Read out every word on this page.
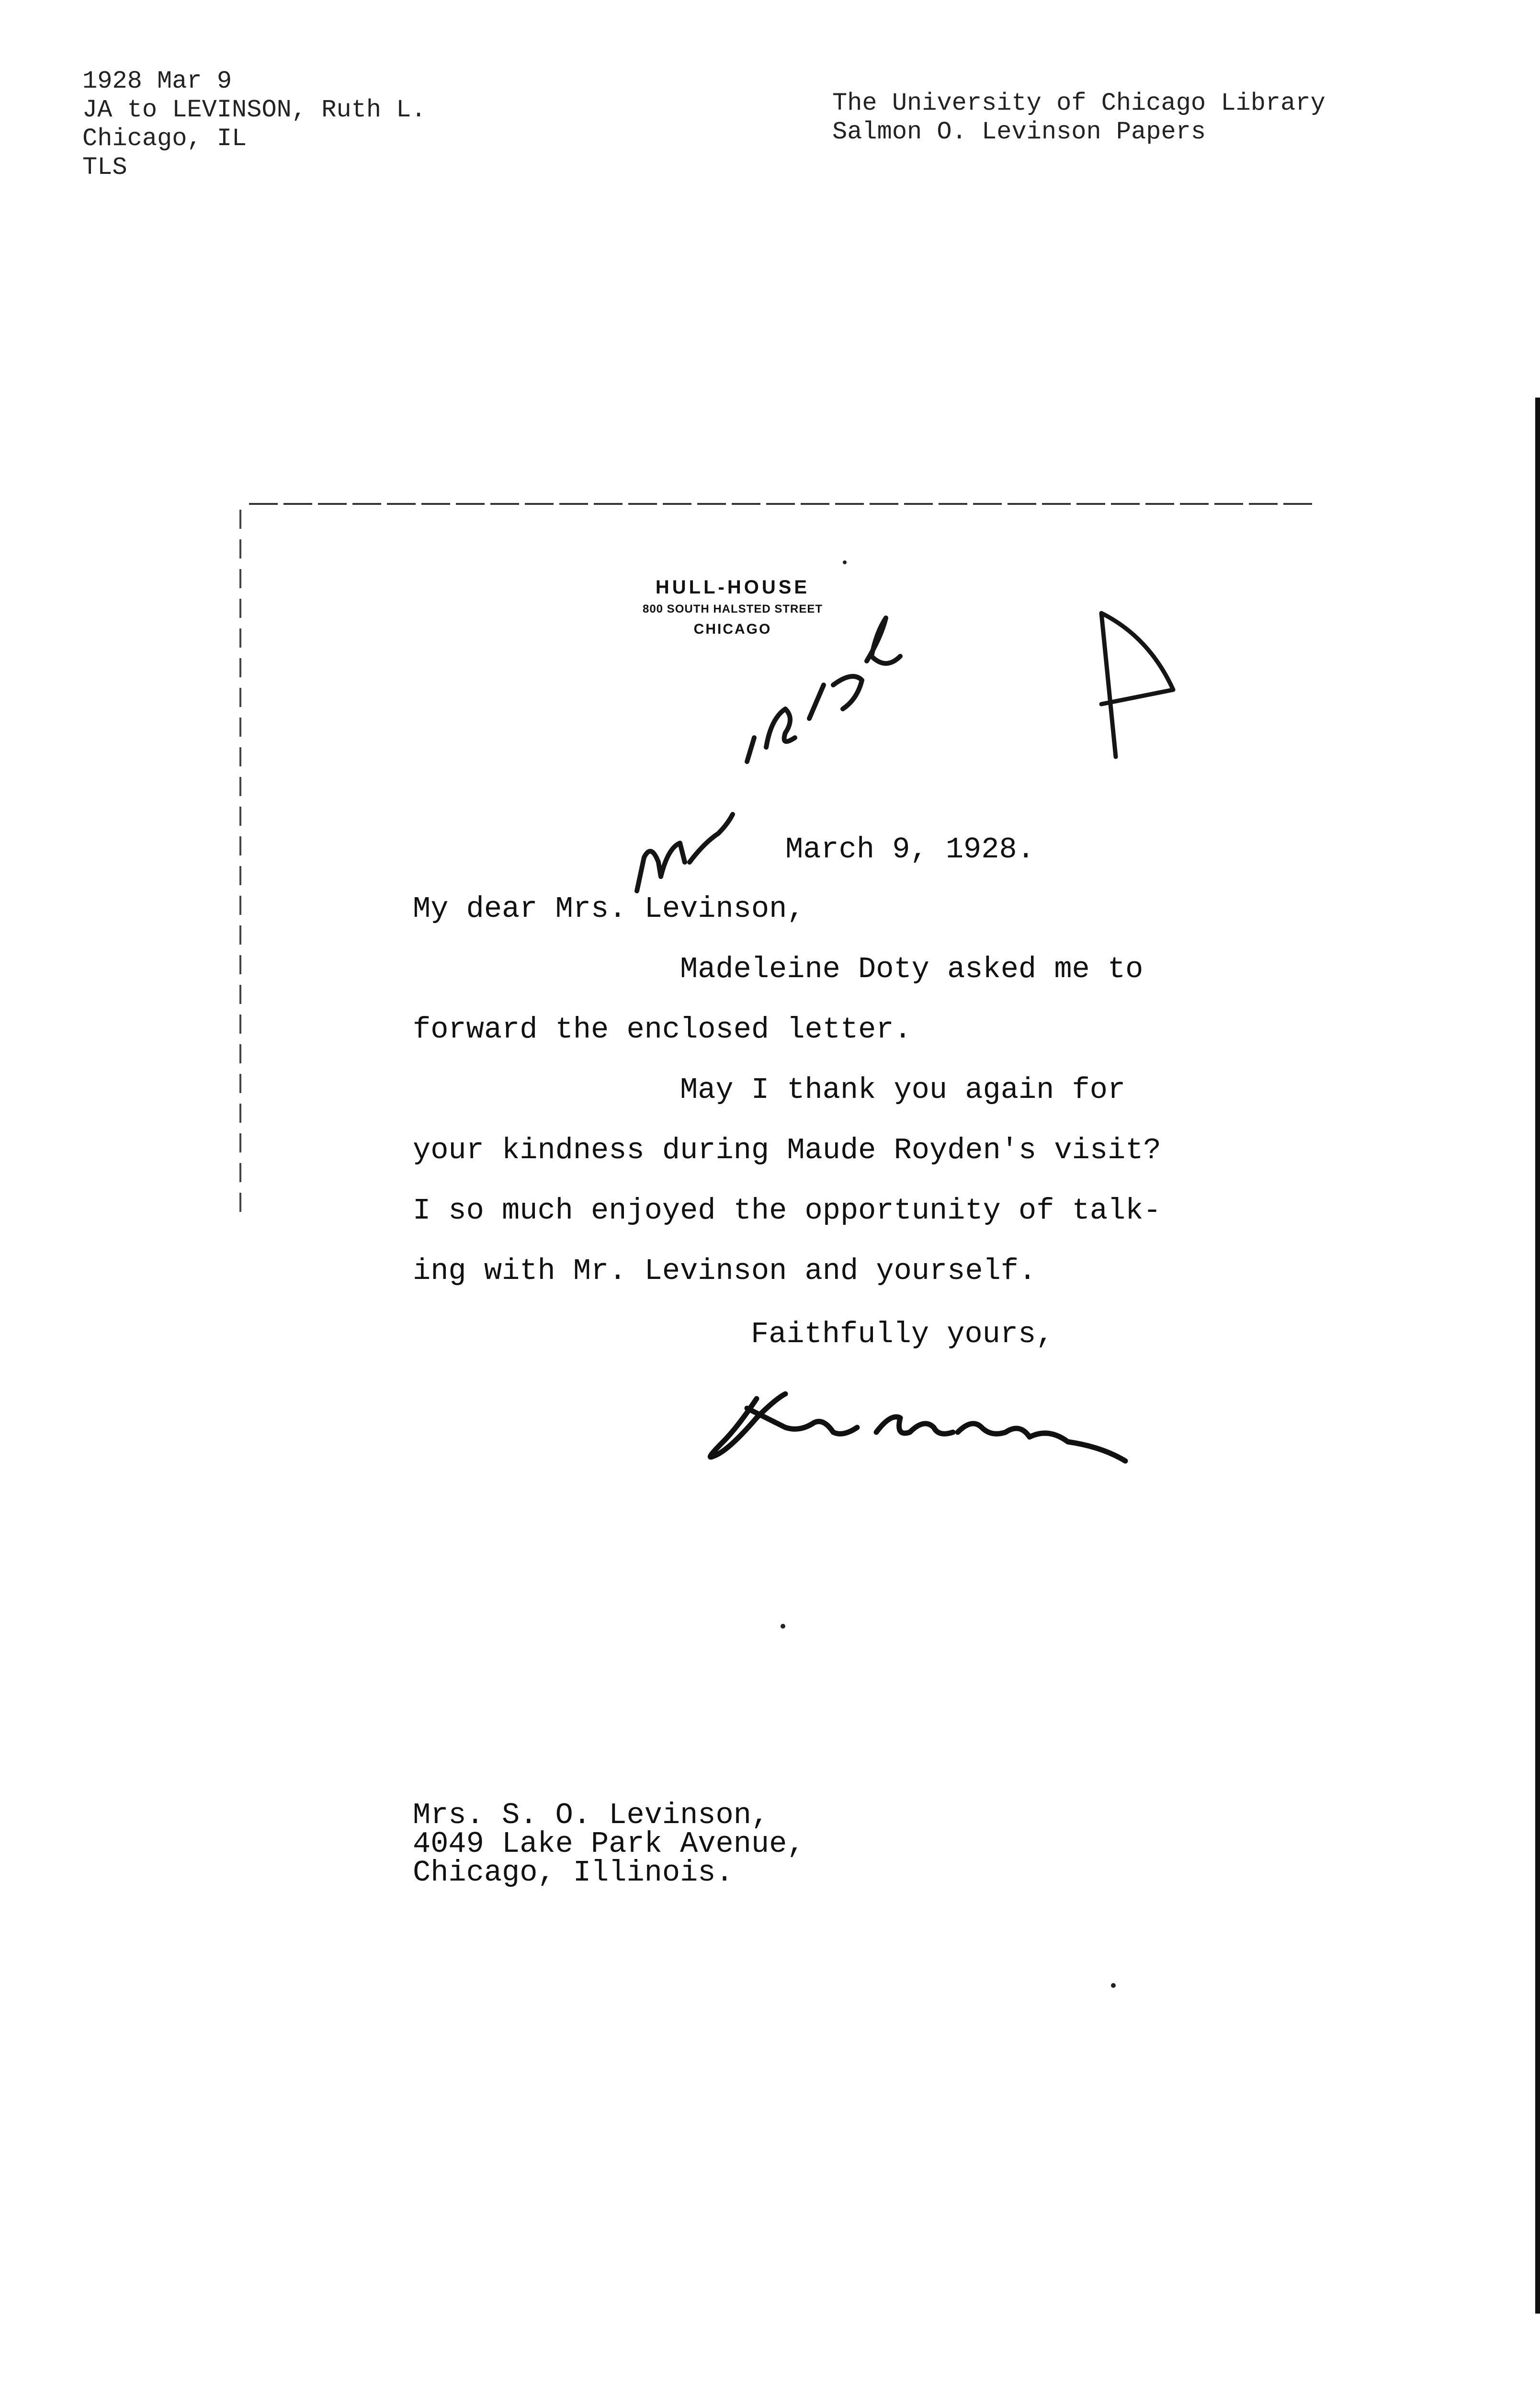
1928 Mar 9
JA to LEVINSON, Ruth L.
Chicago, IL
TLS
The University of Chicago Library
Salmon O. Levinson Papers
HULL-HOUSE
800 SOUTH HALSTED STREET
CHICAGO
March 9, 1928.
My dear Mrs. Levinson,
Madeleine Doty asked me to
forward the enclosed letter.
May I thank you again for
your kindness during Maude Royden's visit?
I so much enjoyed the opportunity of talk-
ing with Mr. Levinson and yourself.
Faithfully yours,
Mrs. S. O. Levinson,
4049 Lake Park Avenue,
Chicago, Illinois.
